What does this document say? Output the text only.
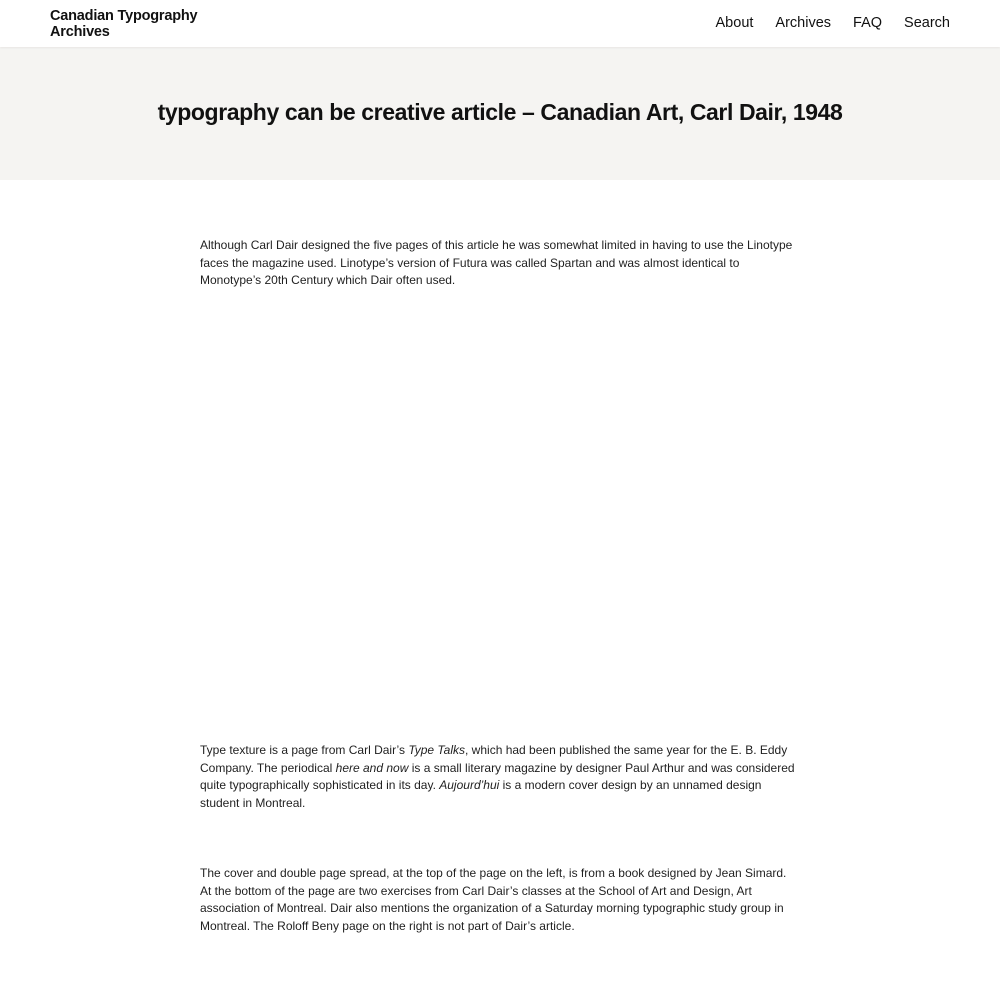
Canadian Typography Archives
About Archives FAQ Search
typography can be creative article – Canadian Art, Carl Dair, 1948

Although Carl Dair designed the five pages of this article he was somewhat limited in having to use the Linotype faces the magazine used. Linotype’s version of Futura was called Spartan and was almost identical to Monotype’s 20th Century which Dair often used.

Type texture is a page from Carl Dair’s Type Talks, which had been published the same year for the E. B. Eddy Company. The periodical here and now is a small literary magazine by designer Paul Arthur and was considered quite typographically sophisticated in its day. Aujourd’hui is a modern cover design by an unnamed design student in Montreal.

The cover and double page spread, at the top of the page on the left, is from a book designed by Jean Simard. At the bottom of the page are two exercises from Carl Dair’s classes at the School of Art and Design, Art association of Montreal. Dair also mentions the organization of a Saturday morning typographic study group in Montreal. The Roloff Beny page on the right is not part of Dair’s article.
